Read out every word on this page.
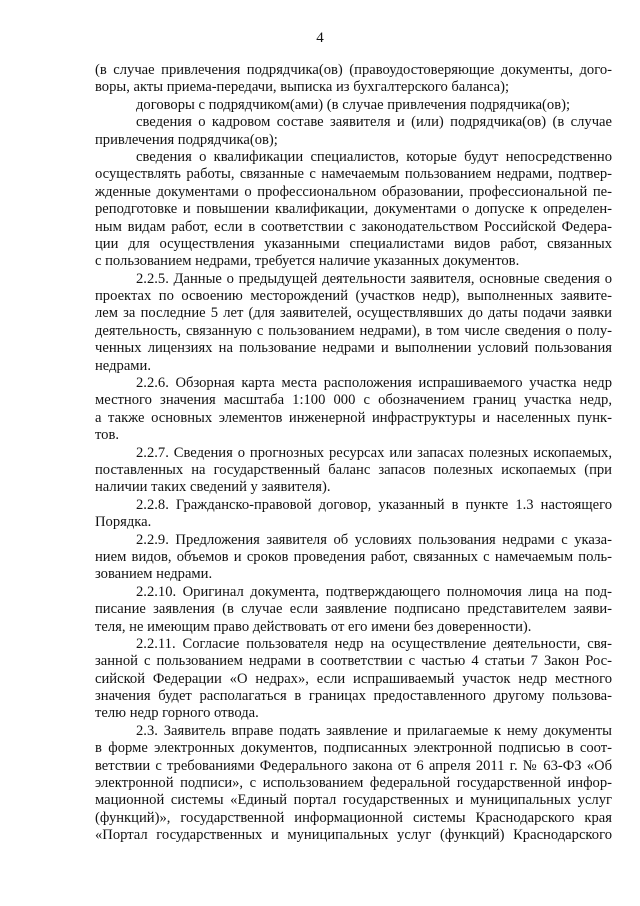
4
(в случае привлечения подрядчика(ов) (правоудостоверяющие документы, дого-
воры, акты приема-передачи, выписка из бухгалтерского баланса);
договоры с подрядчиком(ами) (в случае привлечения подрядчика(ов);
сведения о кадровом составе заявителя и (или) подрядчика(ов) (в случае
привлечения подрядчика(ов);
сведения о квалификации специалистов, которые будут непосредственно
осуществлять работы, связанные с намечаемым пользованием недрами, подтвер-
жденные документами о профессиональном образовании, профессиональной пе-
реподготовке и повышении квалификации, документами о допуске к определен-
ным видам работ, если в соответствии с законодательством Российской Федера-
ции для осуществления указанными специалистами видов работ, связанных
с пользованием недрами, требуется наличие указанных документов.
2.2.5. Данные о предыдущей деятельности заявителя, основные сведения о
проектах по освоению месторождений (участков недр), выполненных заявите-
лем за последние 5 лет (для заявителей, осуществлявших до даты подачи заявки
деятельность, связанную с пользованием недрами), в том числе сведения о полу-
ченных лицензиях на пользование недрами и выполнении условий пользования
недрами.
2.2.6. Обзорная карта места расположения испрашиваемого участка недр
местного значения масштаба 1:100 000 с обозначением границ участка недр,
а также основных элементов инженерной инфраструктуры и населенных пунк-
тов.
2.2.7. Сведения о прогнозных ресурсах или запасах полезных ископаемых,
поставленных на государственный баланс запасов полезных ископаемых (при
наличии таких сведений у заявителя).
2.2.8. Гражданско-правовой договор, указанный в пункте 1.3 настоящего
Порядка.
2.2.9. Предложения заявителя об условиях пользования недрами с указа-
нием видов, объемов и сроков проведения работ, связанных с намечаемым поль-
зованием недрами.
2.2.10. Оригинал документа, подтверждающего полномочия лица на под-
писание заявления (в случае если заявление подписано представителем заяви-
теля, не имеющим право действовать от его имени без доверенности).
2.2.11. Согласие пользователя недр на осуществление деятельности, свя-
занной с пользованием недрами в соответствии с частью 4 статьи 7 Закон Рос-
сийской Федерации «О недрах», если испрашиваемый участок недр местного
значения будет располагаться в границах предоставленного другому пользова-
телю недр горного отвода.
2.3. Заявитель вправе подать заявление и прилагаемые к нему документы
в форме электронных документов, подписанных электронной подписью в соот-
ветствии с требованиями Федерального закона от 6 апреля 2011 г. № 63-ФЗ «Об
электронной подписи», с использованием федеральной государственной инфор-
мационной системы «Единый портал государственных и муниципальных услуг
(функций)», государственной информационной системы Краснодарского края
«Портал государственных и муниципальных услуг (функций) Краснодарского
